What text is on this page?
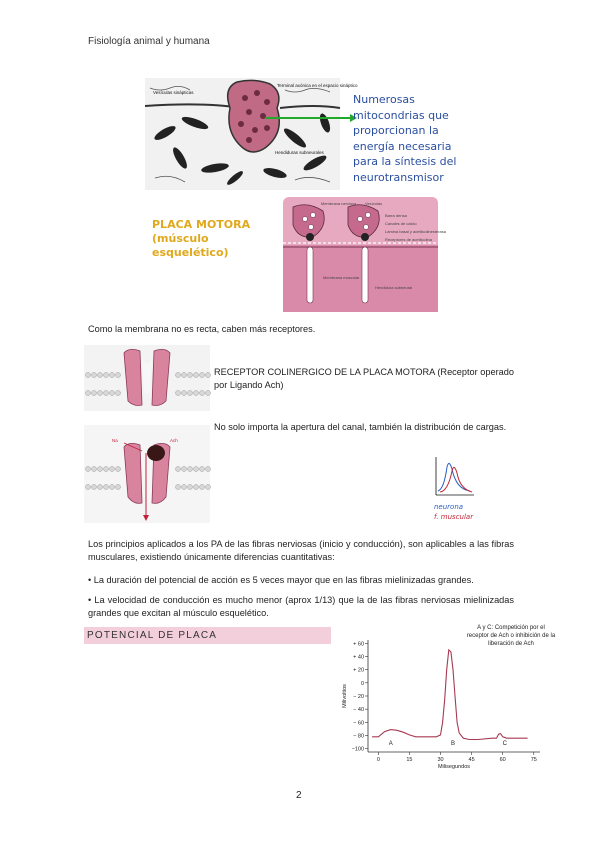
Fisiología animal y humana
Vesículas sinápticas
Terminal axónica en el espacio sináptico
Hendiduras subneurales
Numerosas mitocondrias que proporcionan la energía necesaria para la síntesis del neurotransmisor
PLACA MOTORA
(músculo esquelético)
Membrana nerviosa Vesículas
Barra densa
Canales de calcio
Lámina basal y acetilcolinesterasa
Receptores de acetilcolina
Membrana muscular
Hendidura subneural
Como la membrana no es recta, caben más receptores.
Na	Ach
RECEPTOR COLINERGICO DE LA PLACA MOTORA (Receptor operado por Ligando Ach)
No solo importa la apertura del canal, también la distribución de cargas.
neurona
f. muscular
Los principios aplicados a los PA de las fibras nerviosas (inicio y conducción), son aplicables a las fibras musculares, existiendo únicamente diferencias cuantitativas:
• La duración del potencial de acción es 5 veces mayor que en las fibras mielinizadas grandes.
• La velocidad de conducción es mucho menor (aprox 1/13) que la de las fibras nerviosas mielinizadas grandes que excitan al músculo esquelético.
POTENCIAL DE PLACA
A y C: Competición por el receptor de Ach o inhibición de la liberación de Ach
+ 60
+ 40
+ 20
0
− 20
− 40
− 60
− 80
−100
0	15	30	45	60	75
Milisegundos
Milivoltios
A	B	C
2
